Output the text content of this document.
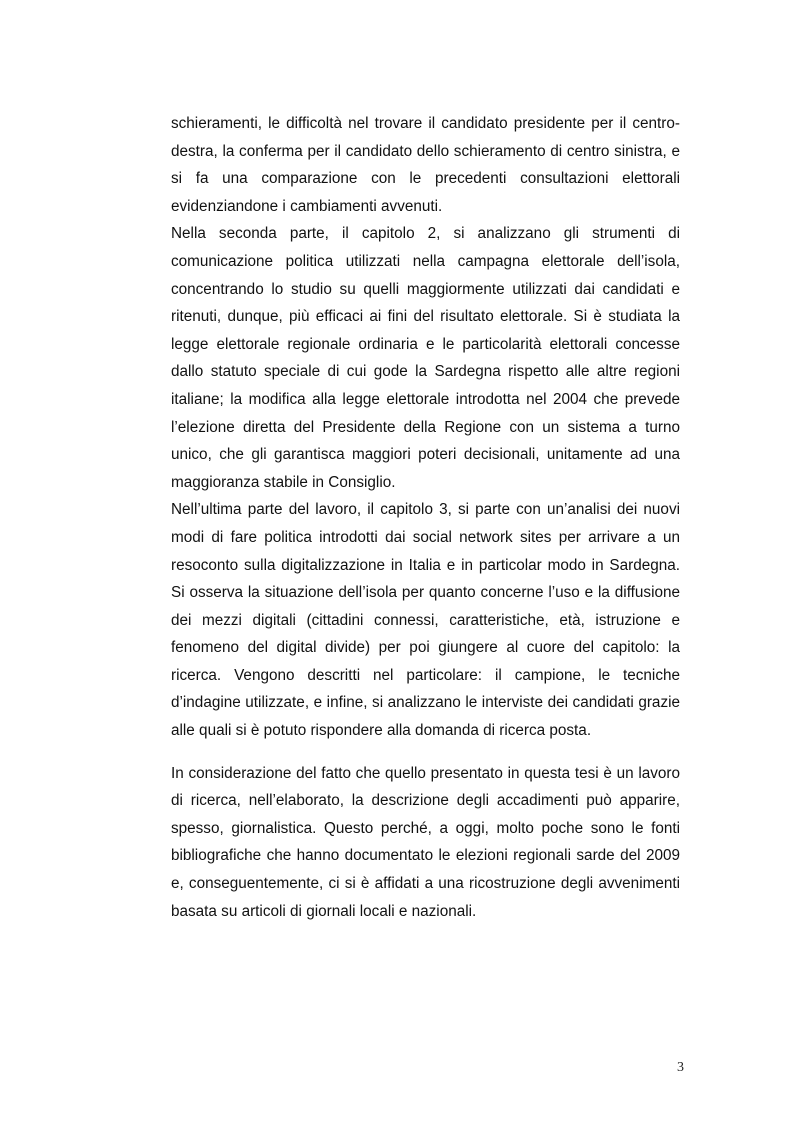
schieramenti, le difficoltà nel trovare il candidato presidente per il centro-destra, la conferma per il candidato dello schieramento di centro sinistra, e si fa una comparazione con le precedenti consultazioni elettorali evidenziandone i cambiamenti avvenuti.

Nella seconda parte, il capitolo 2, si analizzano gli strumenti di comunicazione politica utilizzati nella campagna elettorale dell’isola, concentrando lo studio su quelli maggiormente utilizzati dai candidati e ritenuti, dunque, più efficaci ai fini del risultato elettorale. Si è studiata la legge elettorale regionale ordinaria e le particolarità elettorali concesse dallo statuto speciale di cui gode la Sardegna rispetto alle altre regioni italiane; la modifica alla legge elettorale introdotta nel 2004 che prevede l’elezione diretta del Presidente della Regione con un sistema a turno unico, che gli garantisca maggiori poteri decisionali, unitamente ad una maggioranza stabile in Consiglio.

Nell’ultima parte del lavoro, il capitolo 3, si parte con un’analisi dei nuovi modi di fare politica introdotti dai social network sites per arrivare a un resoconto sulla digitalizzazione in Italia e in particolar modo in Sardegna. Si osserva la situazione dell’isola per quanto concerne l’uso e la diffusione dei mezzi digitali (cittadini connessi, caratteristiche, età, istruzione e fenomeno del digital divide) per poi giungere al cuore del capitolo: la ricerca. Vengono descritti nel particolare: il campione, le tecniche d’indagine utilizzate, e infine, si analizzano le interviste dei candidati grazie alle quali si è potuto rispondere alla domanda di ricerca posta.

In considerazione del fatto che quello presentato in questa tesi è un lavoro di ricerca, nell’elaborato, la descrizione degli accadimenti può apparire, spesso, giornalistica. Questo perché, a oggi, molto poche sono le fonti bibliografiche che hanno documentato le elezioni regionali sarde del 2009 e, conseguentemente, ci si è affidati a una ricostruzione degli avvenimenti basata su articoli di giornali locali e nazionali.

3
